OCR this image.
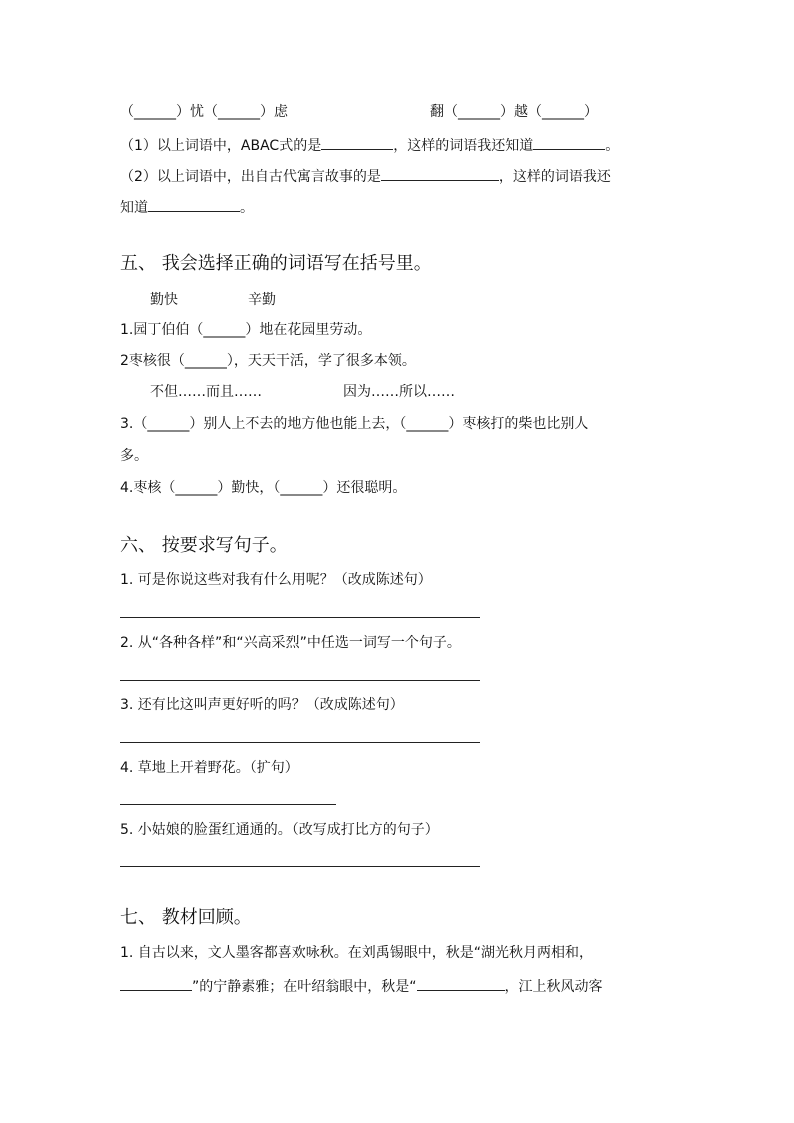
（______）忧（______）虑	翻（______）越（______）
（1）以上词语中，ABAC式的是	，这样的词语我还知道	。
（2）以上词语中，出自古代寓言故事的是	，这样的词语我还
知道	。
五、 我会选择正确的词语写在括号里。
勤快	辛勤
1.园丁伯伯（______）地在花园里劳动。
2枣核很（______），天天干活，学了很多本领。
不但……而且……	因为……所以……
3.（______）别人上不去的地方他也能上去，（______）枣核打的柴也比别人
多。
4.枣核（______）勤快，（______）还很聪明。
六、 按要求写句子。
1. 可是你说这些对我有什么用呢？（改成陈述句）
2. 从“各种各样”和“兴高采烈”中任选一词写一个句子。
3. 还有比这叫声更好听的吗？（改成陈述句）
4. 草地上开着野花。（扩句）
5. 小姑娘的脸蛋红通通的。（改写成打比方的句子）
七、 教材回顾。
1. 自古以来，文人墨客都喜欢咏秋。在刘禹锡眼中，秋是“湖光秋月两相和，
”的宁静素雅；在叶绍翁眼中，秋是“	，江上秋风动客
